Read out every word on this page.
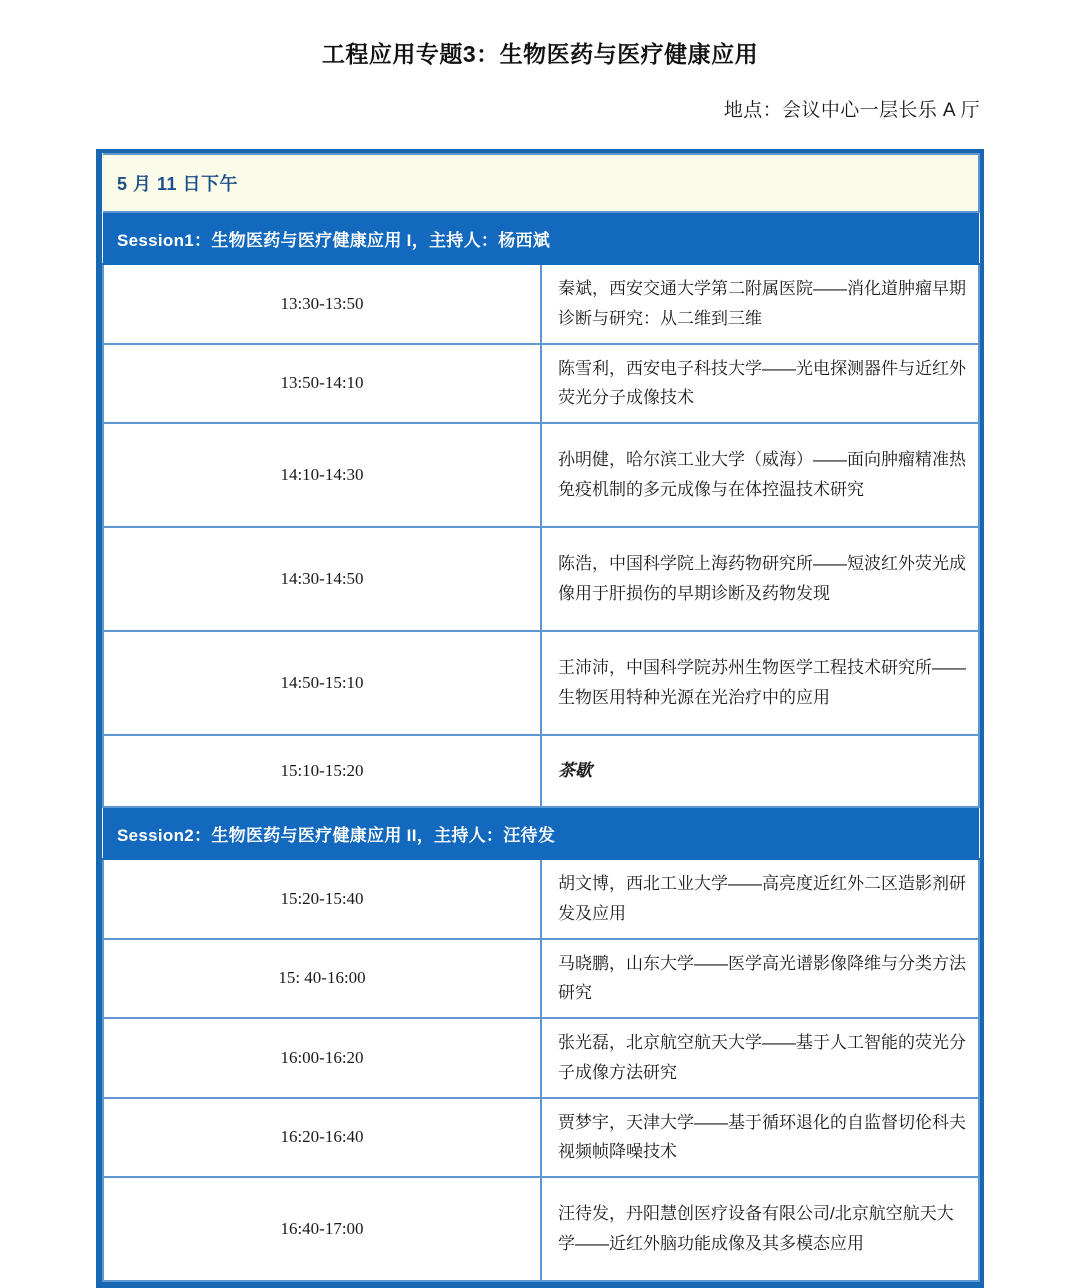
工程应用专题3：生物医药与医疗健康应用
地点：会议中心一层长乐 A 厅
5 月 11 日下午	
Session1：生物医药与医疗健康应用 I，主持人：杨西斌	
13:30-13:50	秦斌，西安交通大学第二附属医院——消化道肿瘤早期诊断与研究：从二维到三维
13:50-14:10	陈雪利，西安电子科技大学——光电探测器件与近红外荧光分子成像技术
14:10-14:30	孙明健，哈尔滨工业大学（威海）——面向肿瘤精准热免疫机制的多元成像与在体控温技术研究
14:30-14:50	陈浩，中国科学院上海药物研究所——短波红外荧光成像用于肝损伤的早期诊断及药物发现
14:50-15:10	王沛沛，中国科学院苏州生物医学工程技术研究所——生物医用特种光源在光治疗中的应用
15:10-15:20	茶歇
Session2：生物医药与医疗健康应用 II，主持人：汪待发	
15:20-15:40	胡文博，西北工业大学——高亮度近红外二区造影剂研发及应用
15: 40-16:00	马晓鹏，山东大学——医学高光谱影像降维与分类方法研究
16:00-16:20	张光磊，北京航空航天大学——基于人工智能的荧光分子成像方法研究
16:20-16:40	贾梦宇，天津大学——基于循环退化的自监督切伦科夫视频帧降噪技术
16:40-17:00	汪待发，丹阳慧创医疗设备有限公司/北京航空航天大学——近红外脑功能成像及其多模态应用
